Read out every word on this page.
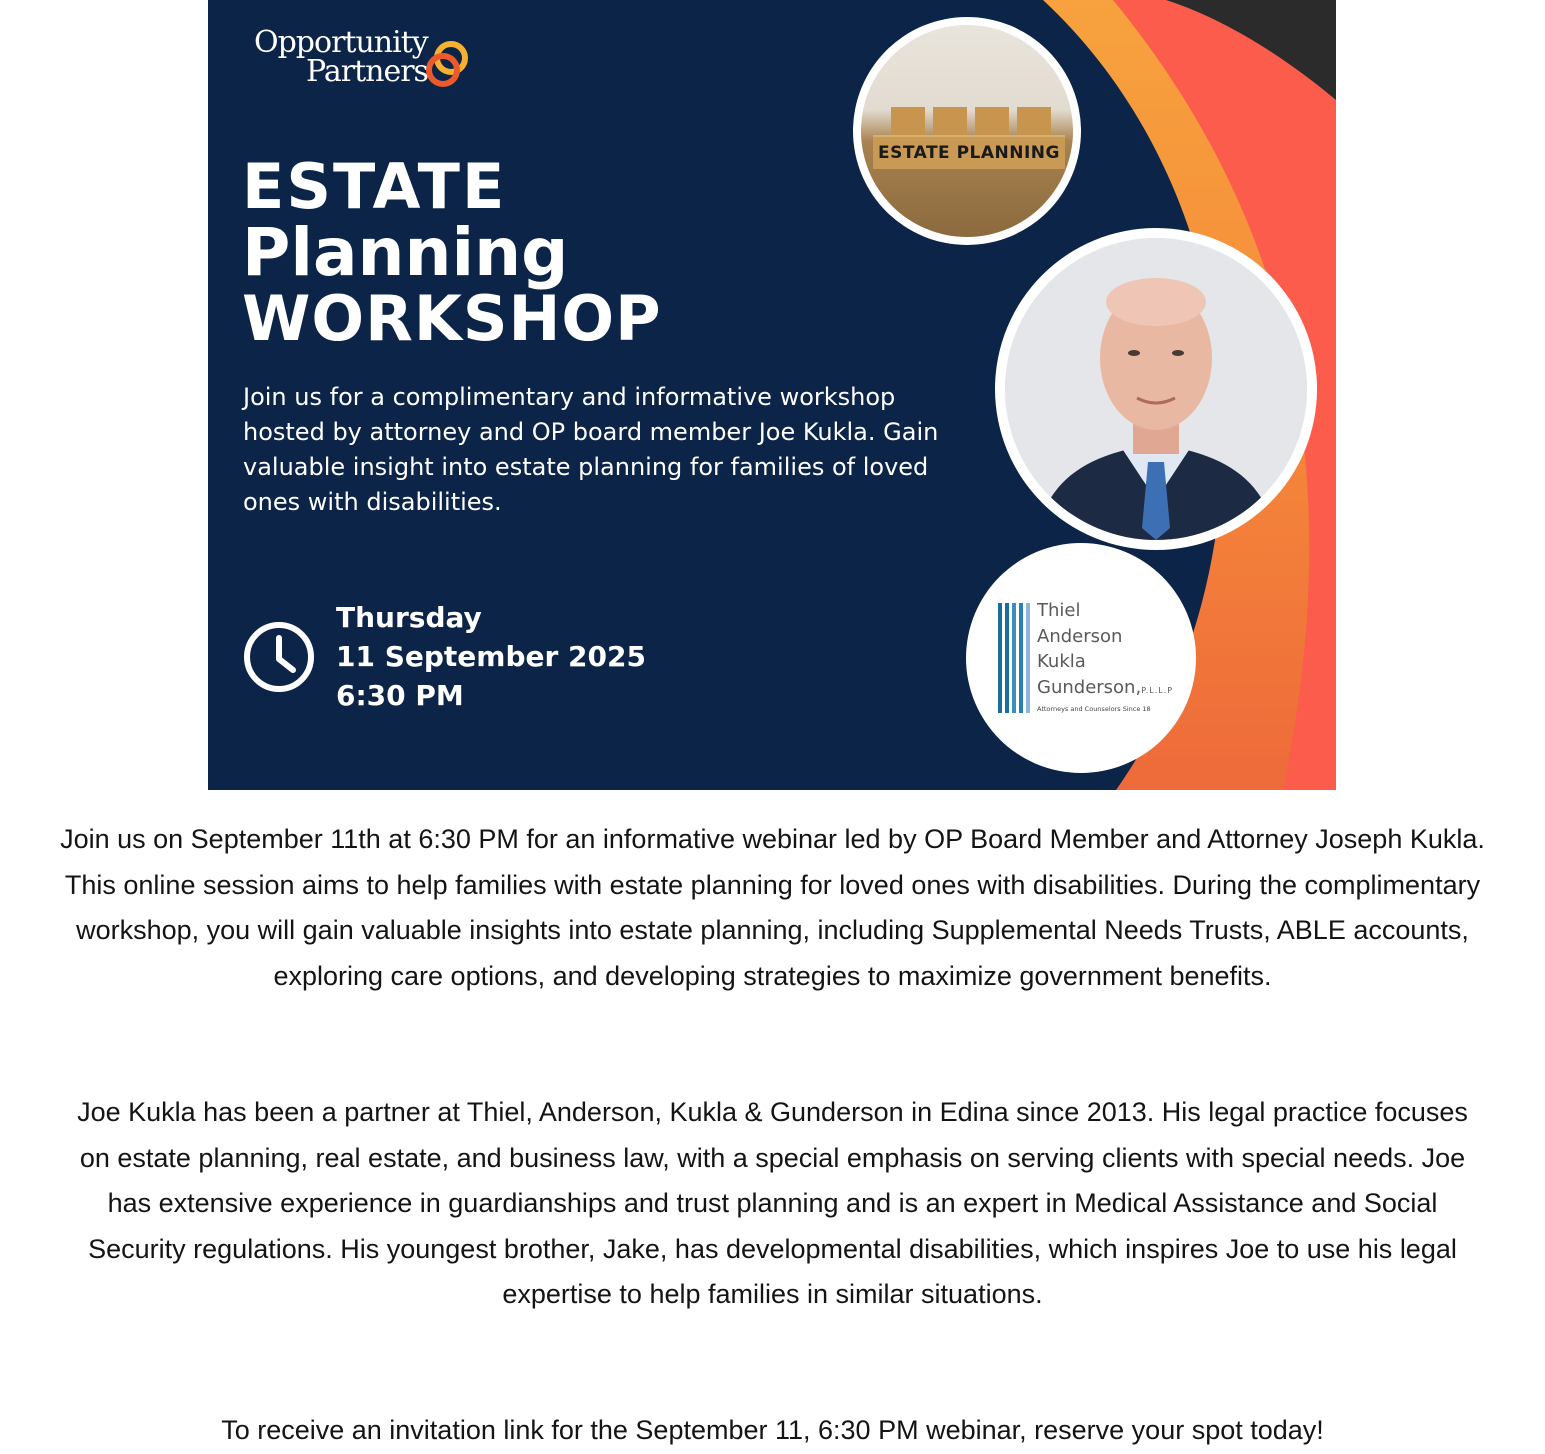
Opportunity
Partners
ESTATE
Planning
WORKSHOP

Join us for a complimentary and informative workshop hosted by attorney and OP board member Joe Kukla. Gain valuable insight into estate planning for families of loved ones with disabilities.

Thursday
11 September 2025
6:30 PM
ESTATE PLANNING
Thiel
Anderson
Kukla
Gunderson,P.L.L.P
Attorneys and Counselors Since 18

Join us on September 11th at 6:30 PM for an informative webinar led by OP Board Member and Attorney Joseph Kukla. This online session aims to help families with estate planning for loved ones with disabilities. During the complimentary workshop, you will gain valuable insights into estate planning, including Supplemental Needs Trusts, ABLE accounts, exploring care options, and developing strategies to maximize government benefits.

Joe Kukla has been a partner at Thiel, Anderson, Kukla & Gunderson in Edina since 2013. His legal practice focuses on estate planning, real estate, and business law, with a special emphasis on serving clients with special needs. Joe has extensive experience in guardianships and trust planning and is an expert in Medical Assistance and Social Security regulations. His youngest brother, Jake, has developmental disabilities, which inspires Joe to use his legal expertise to help families in similar situations.

To receive an invitation link for the September 11, 6:30 PM webinar, reserve your spot today!
